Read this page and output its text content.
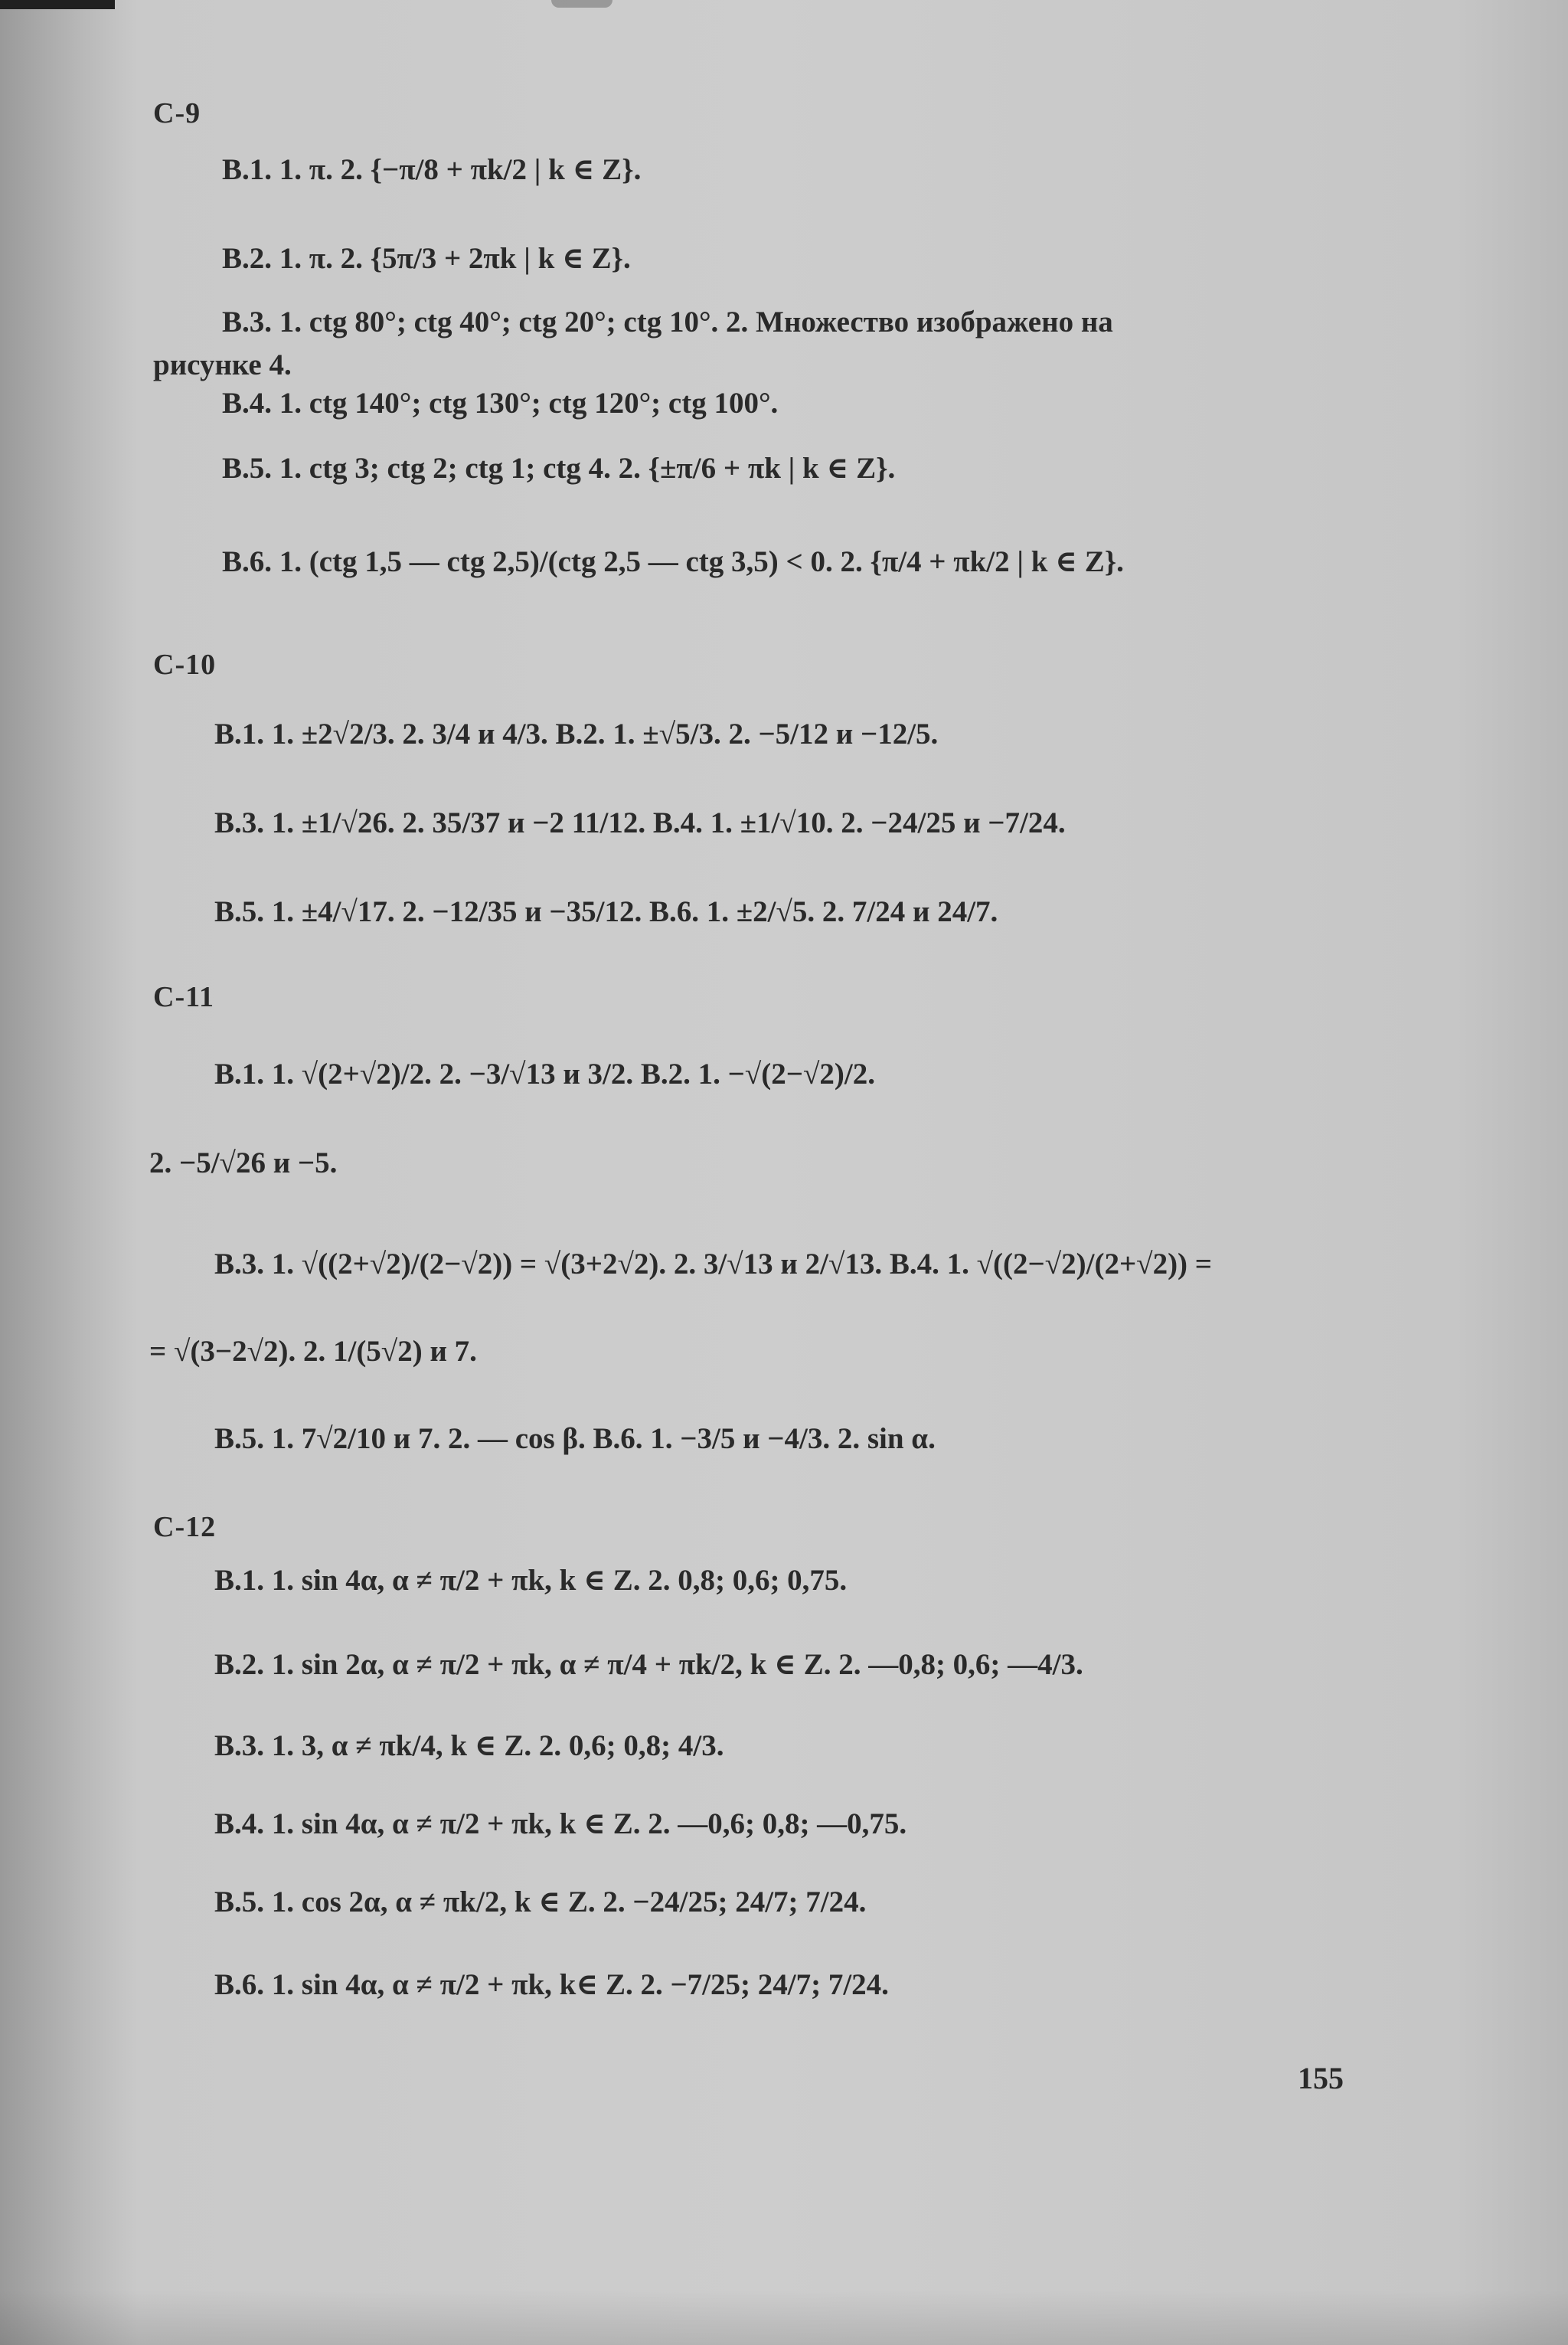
С-9
В.1. 1. π. 2. {−π/8 + πk/2 | k ∈ Z}.
В.2. 1. π. 2. {5π/3 + 2πk | k ∈ Z}.
В.3. 1. ctg 80°; ctg 40°; ctg 20°; ctg 10°. 2. Множество изображено на
рисунке 4.
В.4. 1. ctg 140°; ctg 130°; ctg 120°; ctg 100°.
В.5. 1. ctg 3; ctg 2; ctg 1; ctg 4. 2. {±π/6 + πk | k ∈ Z}.
В.6. 1. (ctg 1,5 — ctg 2,5)/(ctg 2,5 — ctg 3,5) < 0. 2. {π/4 + πk/2 | k ∈ Z}.
С-10
В.1. 1. ±2√2/3. 2. 3/4 и 4/3. В.2. 1. ±√5/3. 2. −5/12 и −12/5.
В.3. 1. ±1/√26. 2. 35/37 и −2 11/12. В.4. 1. ±1/√10. 2. −24/25 и −7/24.
В.5. 1. ±4/√17. 2. −12/35 и −35/12. В.6. 1. ±2/√5. 2. 7/24 и 24/7.
С-11
В.1. 1. √(2+√2)/2. 2. −3/√13 и 3/2. В.2. 1. −√(2−√2)/2.
2. −5/√26 и −5.
В.3. 1. √((2+√2)/(2−√2)) = √(3+2√2). 2. 3/√13 и 2/√13. В.4. 1. √((2−√2)/(2+√2)) =
= √(3−2√2). 2. 1/(5√2) и 7.
В.5. 1. 7√2/10 и 7. 2. — cos β. В.6. 1. −3/5 и −4/3. 2. sin α.
С-12
В.1. 1. sin 4α, α ≠ π/2 + πk, k ∈ Z. 2. 0,8; 0,6; 0,75.
В.2. 1. sin 2α, α ≠ π/2 + πk, α ≠ π/4 + πk/2, k ∈ Z. 2. —0,8; 0,6; —4/3.
В.3. 1. 3, α ≠ πk/4, k ∈ Z. 2. 0,6; 0,8; 4/3.
В.4. 1. sin 4α, α ≠ π/2 + πk, k ∈ Z. 2. —0,6; 0,8; —0,75.
В.5. 1. cos 2α, α ≠ πk/2, k ∈ Z. 2. −24/25; 24/7; 7/24.
В.6. 1. sin 4α, α ≠ π/2 + πk, k∈ Z. 2. −7/25; 24/7; 7/24.
155
